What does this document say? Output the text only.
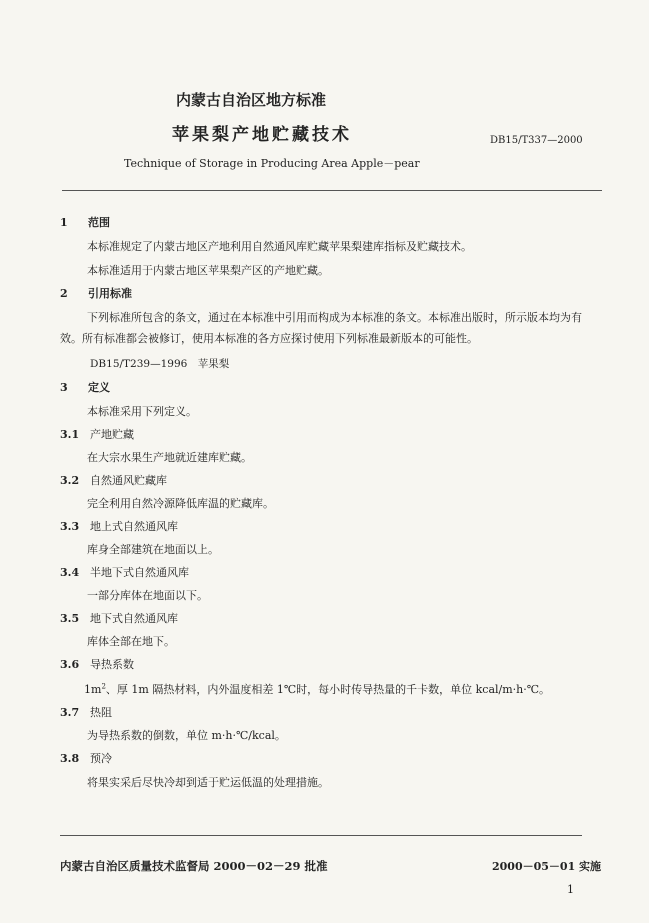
内蒙古自治区地方标准
苹果梨产地贮藏技术	DB15/T337—2000
Technique of Storage in Producing Area Apple－pear
1 范围
本标准规定了内蒙古地区产地利用自然通风库贮藏苹果梨建库指标及贮藏技术。
本标准适用于内蒙古地区苹果梨产区的产地贮藏。
2 引用标准
下列标准所包含的条文，通过在本标准中引用而构成为本标准的条文。本标准出版时，所示版本均为有效。所有标准都会被修订，使用本标准的各方应探讨使用下列标准最新版本的可能性。
DB15/T239—1996　苹果梨
3 定义
本标准采用下列定义。
3.1 产地贮藏
在大宗水果生产地就近建库贮藏。
3.2 自然通风贮藏库
完全利用自然冷源降低库温的贮藏库。
3.3 地上式自然通风库
库身全部建筑在地面以上。
3.4 半地下式自然通风库
一部分库体在地面以下。
3.5 地下式自然通风库
库体全部在地下。
3.6 导热系数
$1m^2$、厚 1m 隔热材料，内外温度相差 1℃时，每小时传导热量的千卡数，单位 kcal/m·h·℃。
3.7 热阻
为导热系数的倒数，单位 m·h·℃/kcal。
3.8 预冷
将果实采后尽快冷却到适于贮运低温的处理措施。
内蒙古自治区质量技术监督局 2000－02－29 批准	2000－05－01 实施
1
